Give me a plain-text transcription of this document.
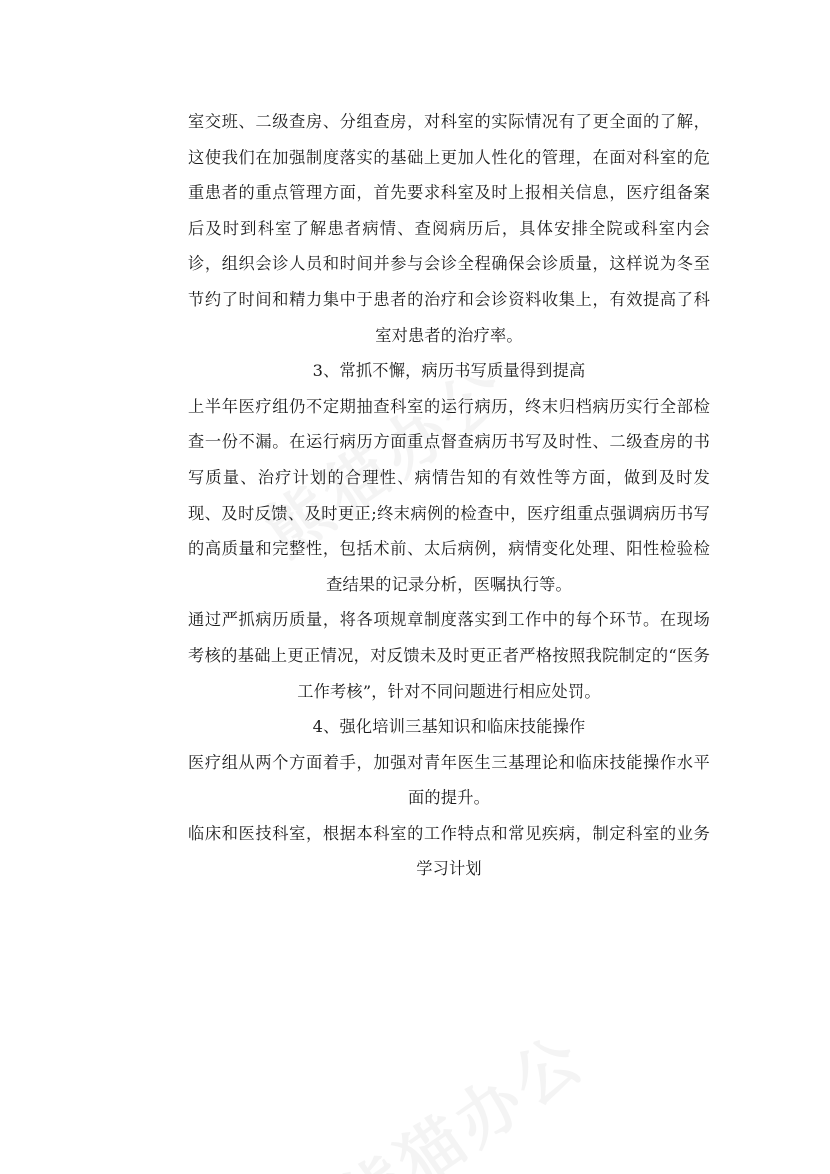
室交班、二级查房、分组查房，对科室的实际情况有了更全面的了解，这使我们在加强制度落实的基础上更加人性化的管理，在面对科室的危重患者的重点管理方面，首先要求科室及时上报相关信息，医疗组备案后及时到科室了解患者病情、查阅病历后，具体安排全院或科室内会诊，组织会诊人员和时间并参与会诊全程确保会诊质量，这样说为冬至节约了时间和精力集中于患者的治疗和会诊资料收集上，有效提高了科室对患者的治疗率。

3、常抓不懈，病历书写质量得到提高

上半年医疗组仍不定期抽查科室的运行病历，终末归档病历实行全部检查一份不漏。在运行病历方面重点督查病历书写及时性、二级查房的书写质量、治疗计划的合理性、病情告知的有效性等方面，做到及时发现、及时反馈、及时更正;终末病例的检查中，医疗组重点强调病历书写的高质量和完整性，包括术前、太后病例，病情变化处理、阳性检验检查结果的记录分析，医嘱执行等。

通过严抓病历质量，将各项规章制度落实到工作中的每个环节。在现场考核的基础上更正情况，对反馈未及时更正者严格按照我院制定的“医务工作考核”，针对不同问题进行相应处罚。

4、强化培训三基知识和临床技能操作

医疗组从两个方面着手，加强对青年医生三基理论和临床技能操作水平面的提升。

临床和医技科室，根据本科室的工作特点和常见疾病，制定科室的业务学习计划
